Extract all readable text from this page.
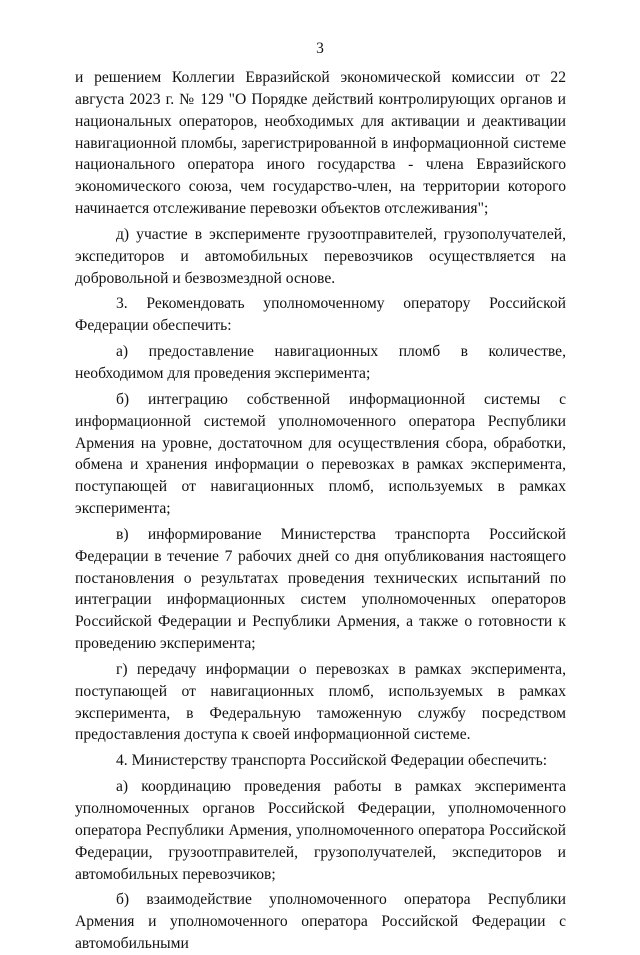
3

и решением Коллегии Евразийской экономической комиссии от 22 августа 2023 г. № 129 "О Порядке действий контролирующих органов и национальных операторов, необходимых для активации и деактивации навигационной пломбы, зарегистрированной в информационной системе национального оператора иного государства - члена Евразийского экономического союза, чем государство-член, на территории которого начинается отслеживание перевозки объектов отслеживания";

д) участие в эксперименте грузоотправителей, грузополучателей, экспедиторов и автомобильных перевозчиков осуществляется на добровольной и безвозмездной основе.

3. Рекомендовать уполномоченному оператору Российской Федерации обеспечить:

а) предоставление навигационных пломб в количестве, необходимом для проведения эксперимента;

б) интеграцию собственной информационной системы с информационной системой уполномоченного оператора Республики Армения на уровне, достаточном для осуществления сбора, обработки, обмена и хранения информации о перевозках в рамках эксперимента, поступающей от навигационных пломб, используемых в рамках эксперимента;

в) информирование Министерства транспорта Российской Федерации в течение 7 рабочих дней со дня опубликования настоящего постановления о результатах проведения технических испытаний по интеграции информационных систем уполномоченных операторов Российской Федерации и Республики Армения, а также о готовности к проведению эксперимента;

г) передачу информации о перевозках в рамках эксперимента, поступающей от навигационных пломб, используемых в рамках эксперимента, в Федеральную таможенную службу посредством предоставления доступа к своей информационной системе.

4. Министерству транспорта Российской Федерации обеспечить:

а) координацию проведения работы в рамках эксперимента уполномоченных органов Российской Федерации, уполномоченного оператора Республики Армения, уполномоченного оператора Российской Федерации, грузоотправителей, грузополучателей, экспедиторов и автомобильных перевозчиков;

б) взаимодействие уполномоченного оператора Республики Армения и уполномоченного оператора Российской Федерации с автомобильными
